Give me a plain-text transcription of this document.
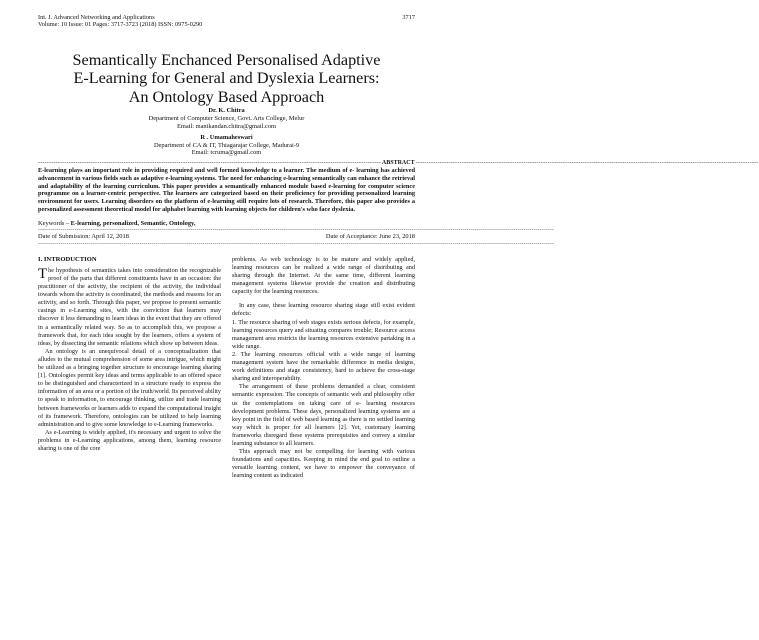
Int. J. Advanced Networking and Applications
Volume: 10 Issue: 01 Pages: 3717-3723 (2018) ISSN: 0975-0290
3717
Semantically Enchanced Personalised Adaptive
E-Learning for General and Dyslexia Learners:
An Ontology Based Approach
Dr. K. Chitra
Department of Computer Science, Govt. Arts College, Melur
Email: manikandan.chitra@gmail.com
R . Umamaheswari
Department of CA & IT, Thiagarajar College, Madurai-9
Email: tcruma@gmail.com
------------------------------------------------------------------------------------------------------------------------------------------------------------ ABSTRACT ------------------------------------------------------------------------------------------------------------------------------------------------------------
E-learning plays an important role in providing required and well formed knowledge to a learner. The medium of e- learning has achieved advancement in various fields such as adaptive e-learning systems. The need for enhancing e-learning semantically can enhance the retrieval and adaptability of the learning curriculum. This paper provides a semantically enhanced module based e-learning for computer science programme on a learner-centric perspective. The learners are categorized based on their proficiency for providing personalized learning environment for users. Learning disorders on the platform of e-learning still require lots of research. Therefore, this paper also provides a personalized assessment theoretical model for alphabet learning with learning objects for children's who face dyslexia.
Keywords – E-learning, personalized, Semantic, Ontology,
--------------------------------------------------------------------------------------------------------------------------------------------------------------------------------------------------------------------------------------------------------------
Date of Submission: April 12, 2018	Date of Acceptance: June 23, 2018
--------------------------------------------------------------------------------------------------------------------------------------------------------------------------------------------------------------------------------------------------------------
I. INTRODUCTION

The hypothesis of semantics takes into consideration the recognizable proof of the parts that different constituents have in an occasion: the practitioner of the activity, the recipient of the activity, the individual towards whom the activity is coordinated, the methods and reasons for an activity, and so forth. Through this paper, we propose to present semantic casings in e-Learning sites, with the conviction that learners may discover it less demanding to learn ideas in the event that they are offered in a semantically related way. So as to accomplish this, we propose a framework that, for each idea sought by the learners, offers a system of ideas, by dissecting the semantic relations which show up between ideas.

An ontology is an unequivocal detail of a conceptualization that alludes to the mutual comprehension of some area intrigue, which might be utilized as a bringing together structure to encourage learning sharing [1]. Ontologies permit key ideas and terms applicable to an offered space to be distinguished and characterized in a structure ready to express the information of an area or a portion of the truth/world. Its perceived ability to speak to information, to encourage thinking, utilize and trade learning between frameworks or learners adds to expand the computational insight of its framework. Therefore, ontologies can be utilized to help learning administration and to give some knowledge to e-Learning frameworks.

As e-Learning is widely applied, it's necessary and urgent to solve the problems in e-Learning applications, among them, learning resource sharing is one of the core

problems. As web technology is to be mature and widely applied, learning resources can be realized a wide range of distributing and sharing through the Internet. At the same time, different learning management systems likewise provide the creation and distributing capacity for the learning resources.

In any case, these learning resource sharing stage still exist evident defects:

1. The resource sharing of web stages exists serious defects, for example, learning resources query and situating compares trouble; Resource access management area restricts the learning resources extensive partaking in a wide range.

2. The learning resources official with a wide range of learning management system have the remarkable difference in media designs, work definitions and stage consistency, hard to achieve the cross-stage sharing and interoperability.

The arrangement of these problems demanded a clear, consistent semantic expression. The concepts of semantic web and philosophy offer us the contemplations on taking care of e- learning resources development problems. These days, personalized learning systems are a key point in the field of web based learning as there is no settled learning way which is proper for all learners [2]. Yet, customary learning frameworks disregard these systems prerequisites and convey a similar learning substance to all learners.

This approach may not be compelling for learning with various foundations and capacities. Keeping in mind the end goal to outline a versatile learning content, we have to empower the conveyance of learning content as indicated
